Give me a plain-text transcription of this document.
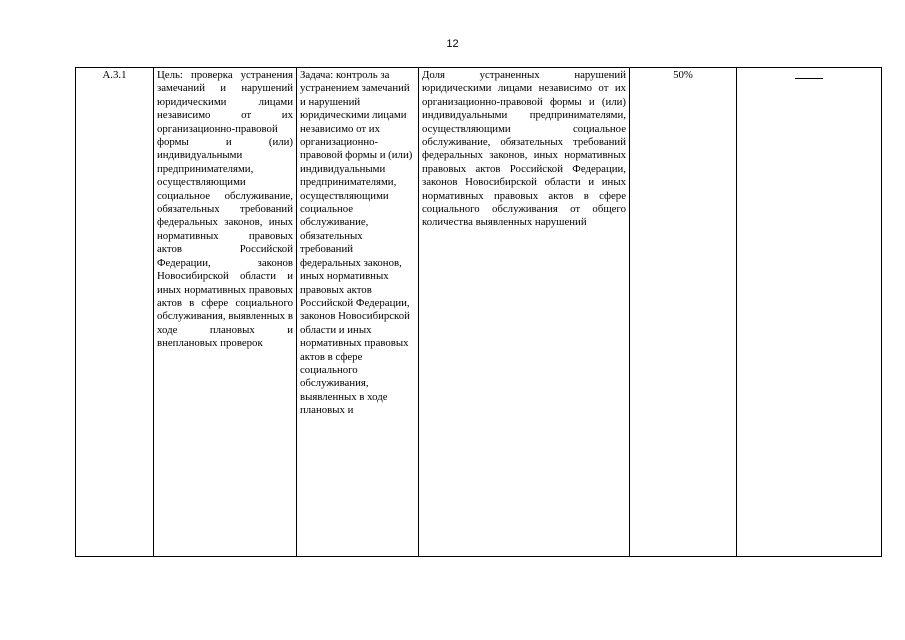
12
А.3.1	Цель: проверка устранения замечаний и нарушений юридическими лицами независимо от их организационно-правовой формы и (или) индивидуальными предпринимателями, осуществляющими социальное обслуживание, обязательных требований федеральных законов, иных нормативных правовых актов Российской Федерации, законов Новосибирской области и иных нормативных правовых актов в сфере социального обслуживания, выявленных в ходе плановых и внеплановых проверок	Задача: контроль за устранением замечаний и нарушений юридическими лицами независимо от их организационно-правовой формы и (или) индивидуальными предпринимателями, осуществляющими социальное обслуживание, обязательных требований федеральных законов, иных нормативных правовых актов Российской Федерации, законов Новосибирской области и иных нормативных правовых актов в сфере социального обслуживания, выявленных в ходе плановых и	Доля устраненных нарушений юридическими лицами независимо от их организационно-правовой формы и (или) индивидуальными предпринимателями, осуществляющими социальное обслуживание, обязательных требований федеральных законов, иных нормативных правовых актов Российской Федерации, законов Новосибирской области и иных нормативных правовых актов в сфере социального обслуживания от общего количества выявленных нарушений	50%	
